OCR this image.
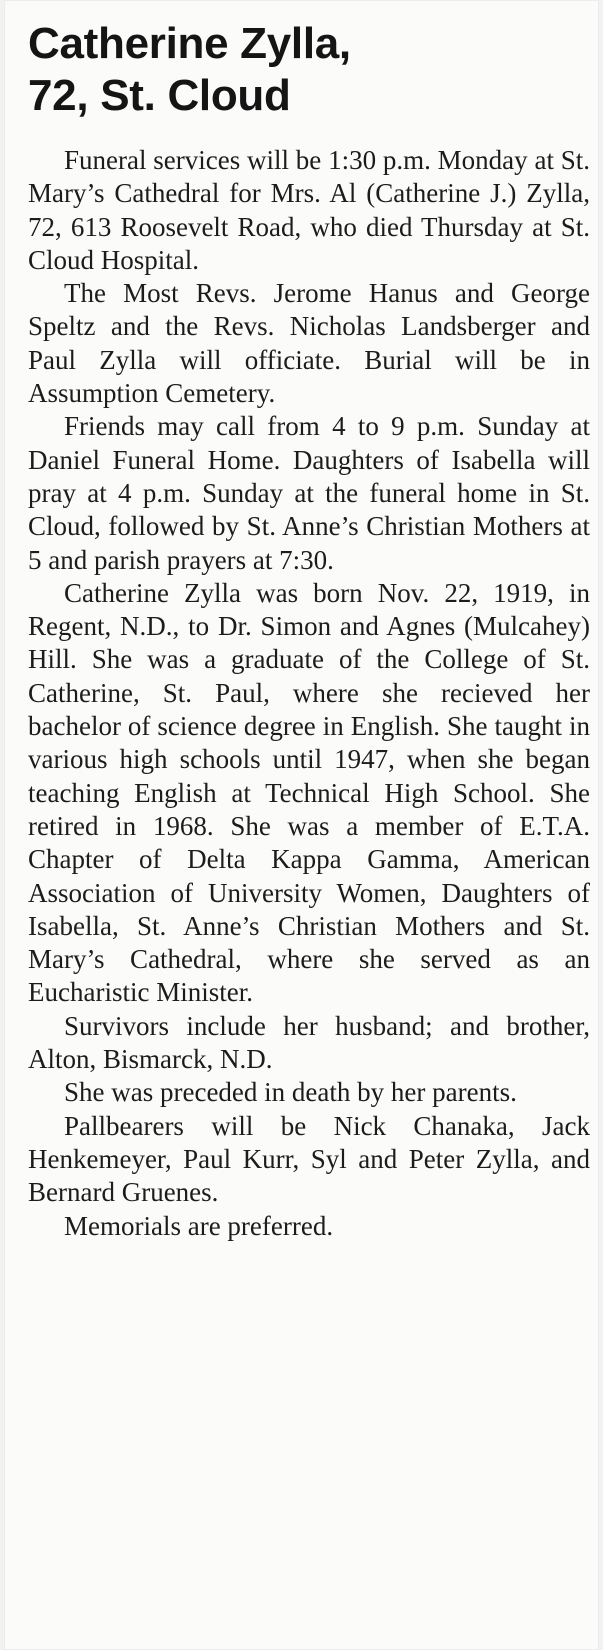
Catherine Zylla,
72, St. Cloud

Funeral services will be 1:30 p.m. Monday at St. Mary’s Cathedral for Mrs. Al (Catherine J.) Zylla, 72, 613 Roosevelt Road, who died Thursday at St. Cloud Hospital.

The Most Revs. Jerome Hanus and George Speltz and the Revs. Nicholas Landsberger and Paul Zylla will officiate. Burial will be in Assumption Cemetery.

Friends may call from 4 to 9 p.m. Sunday at Daniel Funeral Home. Daughters of Isabella will pray at 4 p.m. Sunday at the funeral home in St. Cloud, followed by St. Anne’s Christian Mothers at 5 and parish prayers at 7:30.

Catherine Zylla was born Nov. 22, 1919, in Regent, N.D., to Dr. Simon and Agnes (Mulcahey) Hill. She was a graduate of the College of St. Catherine, St. Paul, where she recieved her bachelor of science degree in English. She taught in various high schools until 1947, when she began teaching English at Technical High School. She retired in 1968. She was a member of E.T.A. Chapter of Delta Kappa Gamma, American Association of University Women, Daughters of Isabella, St. Anne’s Christian Mothers and St. Mary’s Cathedral, where she served as an Eucharistic Minister.

Survivors include her husband; and brother, Alton, Bismarck, N.D.

She was preceded in death by her parents.

Pallbearers will be Nick Chanaka, Jack Henkemeyer, Paul Kurr, Syl and Peter Zylla, and Bernard Gruenes.

Memorials are preferred.
